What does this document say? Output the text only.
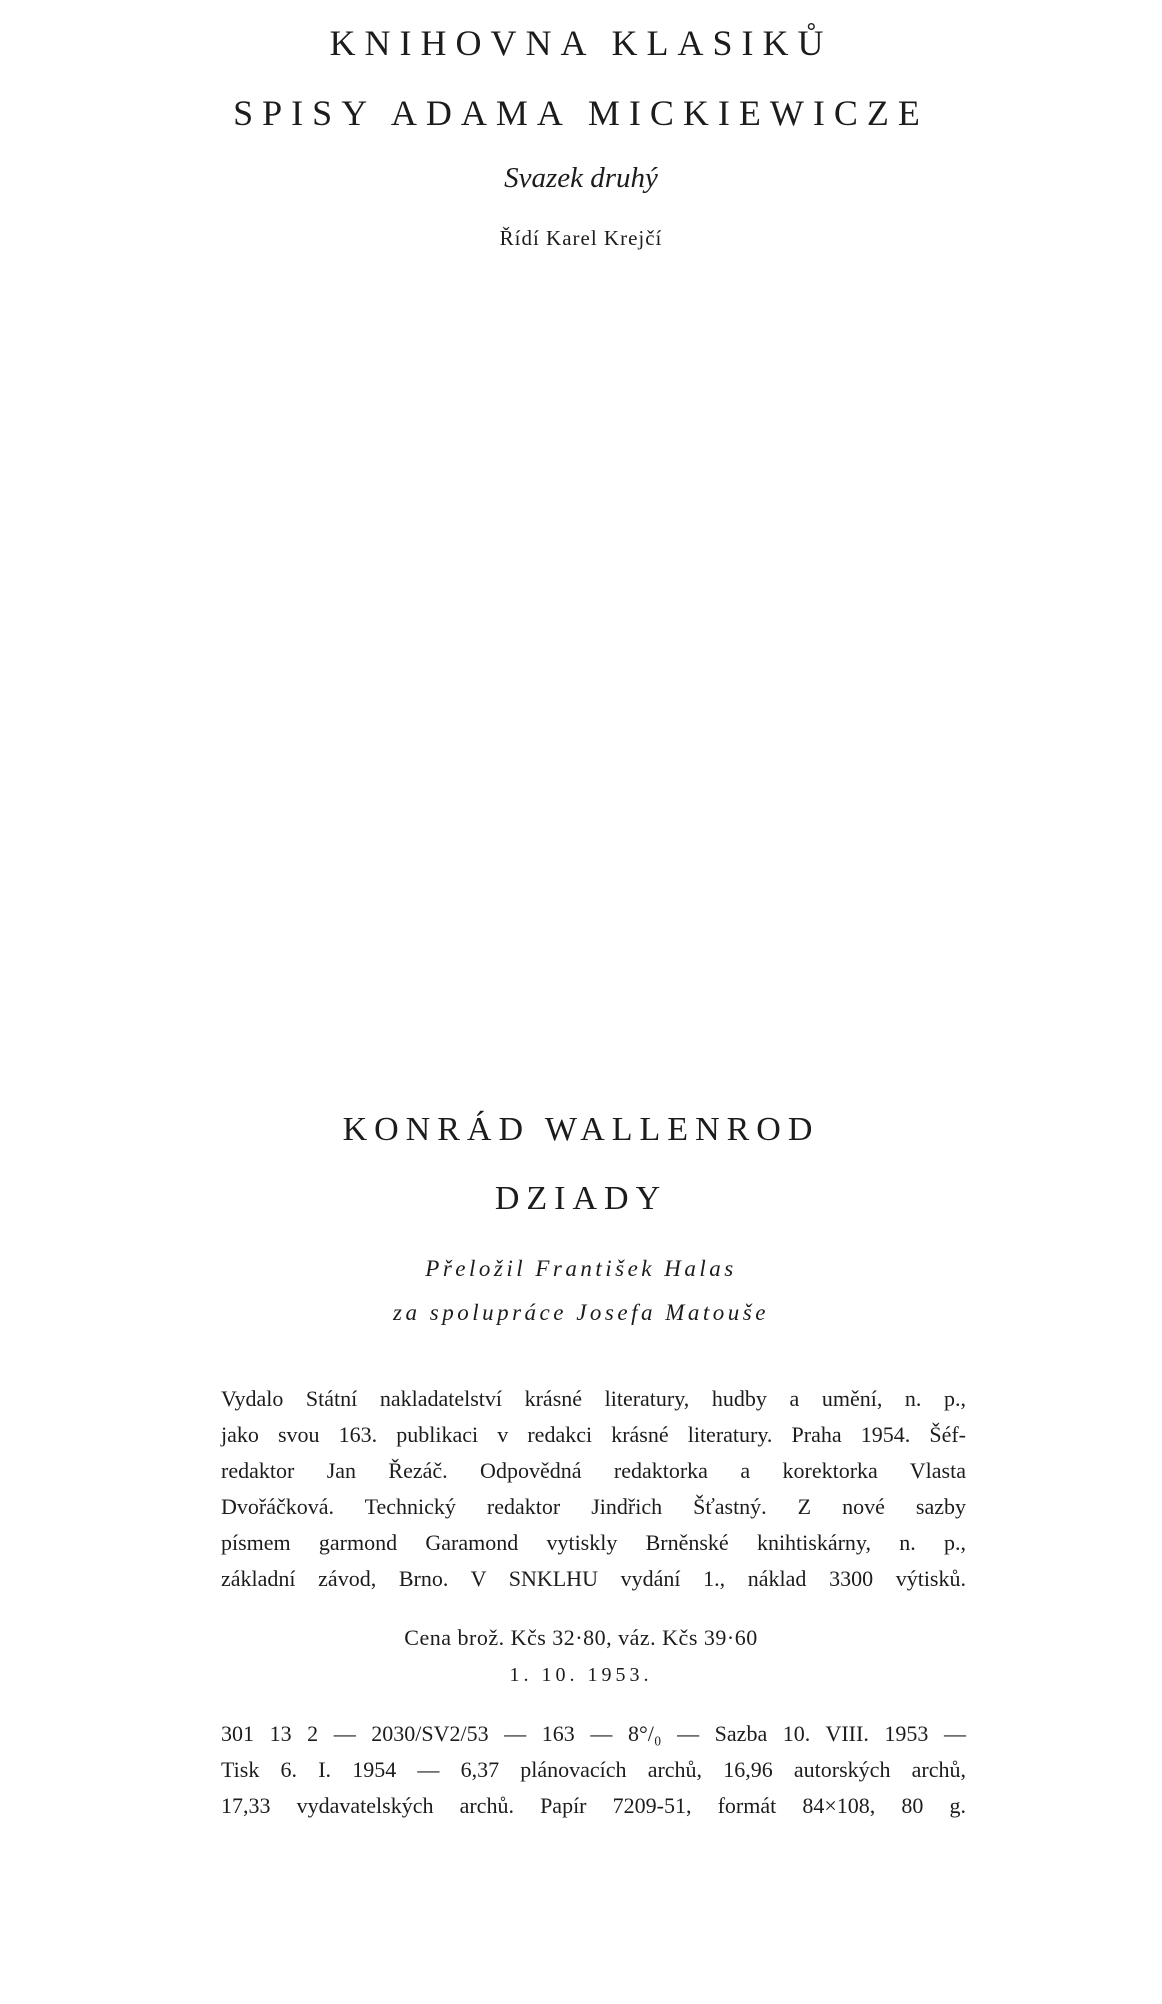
KNIHOVNA KLASIKŮ
SPISY ADAMA MICKIEWICZE
Svazek druhý
Řídí Karel Krejčí
KONRÁD WALLENROD
DZIADY
Přeložil František Halas
za spolupráce Josefa Matouše
Vydalo Státní nakladatelství krásné literatury, hudby a umění, n. p.,
jako svou 163. publikaci v redakci krásné literatury. Praha 1954. Šéf-
redaktor Jan Řezáč. Odpovědná redaktorka a korektorka Vlasta
Dvořáčková. Technický redaktor Jindřich Šťastný. Z nové sazby
písmem garmond Garamond vytiskly Brněnské knihtiskárny, n. p.,
základní závod, Brno. V SNKLHU vydání 1., náklad 3300 výtisků.
Cena brož. Kčs 32·80, váz. Kčs 39·60
1. 10. 1953.
301 13 2 — 2030/SV2/53 — 163 — 8°/₀ — Sazba 10. VIII. 1953 —
Tisk 6. I. 1954 — 6,37 plánovacích archů, 16,96 autorských archů,
17,33 vydavatelských archů. Papír 7209-51, formát 84×108, 80 g.
